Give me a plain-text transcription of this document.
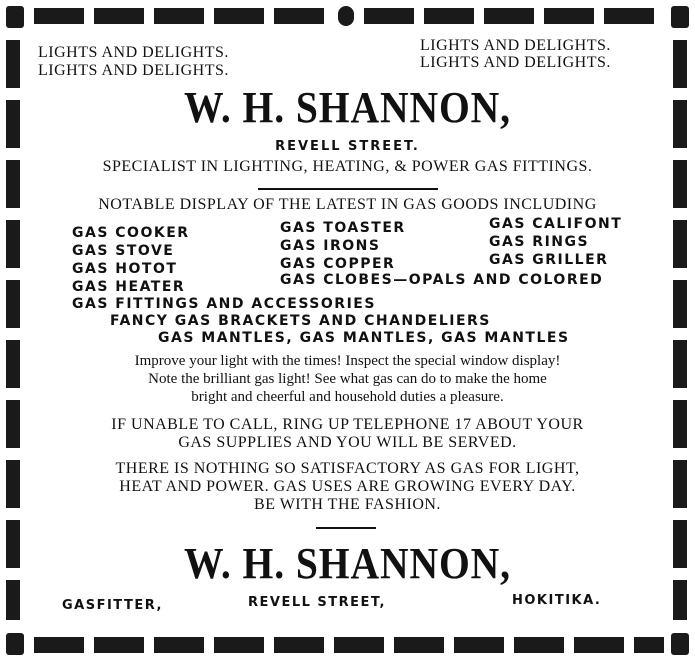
LIGHTS AND DELIGHTS.
LIGHTS AND DELIGHTS.
LIGHTS AND DELIGHTS.
LIGHTS AND DELIGHTS.
W. H. SHANNON,
REVELL STREET.
SPECIALIST IN LIGHTING, HEATING, & POWER GAS FITTINGS.
NOTABLE DISPLAY OF THE LATEST IN GAS GOODS INCLUDING
GAS COOKER
GAS STOVE
GAS HOTOT
GAS HEATER
GAS TOASTER
GAS IRONS
GAS COPPER
GAS CALIFONT
GAS RINGS
GAS GRILLER
GAS CLOBES—OPALS AND COLORED
GAS FITTINGS AND ACCESSORIES
FANCY GAS BRACKETS AND CHANDELIERS
GAS MANTLES, GAS MANTLES, GAS MANTLES
Improve your light with the times! Inspect the special window display!
Note the brilliant gas light! See what gas can do to make the home
bright and cheerful and household duties a pleasure.
IF UNABLE TO CALL, RING UP TELEPHONE 17 ABOUT YOUR
GAS SUPPLIES AND YOU WILL BE SERVED.
THERE IS NOTHING SO SATISFACTORY AS GAS FOR LIGHT,
HEAT AND POWER. GAS USES ARE GROWING EVERY DAY.
BE WITH THE FASHION.
W. H. SHANNON,
GASFITTER,	REVELL STREET,	HOKITIKA.
